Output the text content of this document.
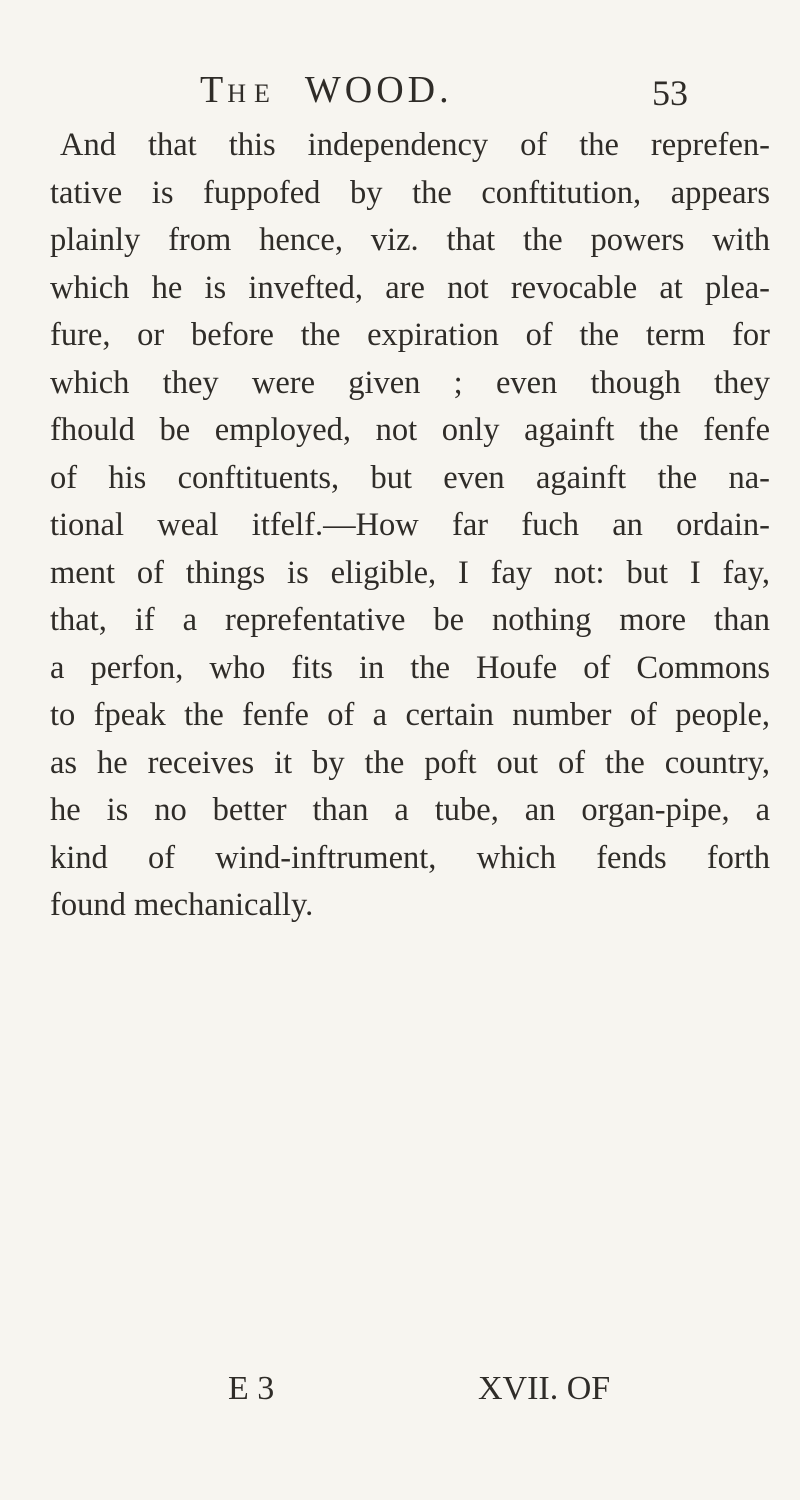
THE WOOD.	53
And that this independency of the reprefen-
tative is fuppofed by the conftitution, appears
plainly from hence, viz. that the powers with
which he is invefted, are not revocable at plea-
fure, or before the expiration of the term for
which they were given ; even though they
fhould be employed, not only againft the fenfe
of his conftituents, but even againft the na-
tional weal itfelf.—How far fuch an ordain-
ment of things is eligible, I fay not: but I fay,
that, if a reprefentative be nothing more than
a perfon, who fits in the Houfe of Commons
to fpeak the fenfe of a certain number of people,
as he receives it by the poft out of the country,
he is no better than a tube, an organ-pipe, a
kind of wind-inftrument, which fends forth
found mechanically.
E 3	XVII. OF
